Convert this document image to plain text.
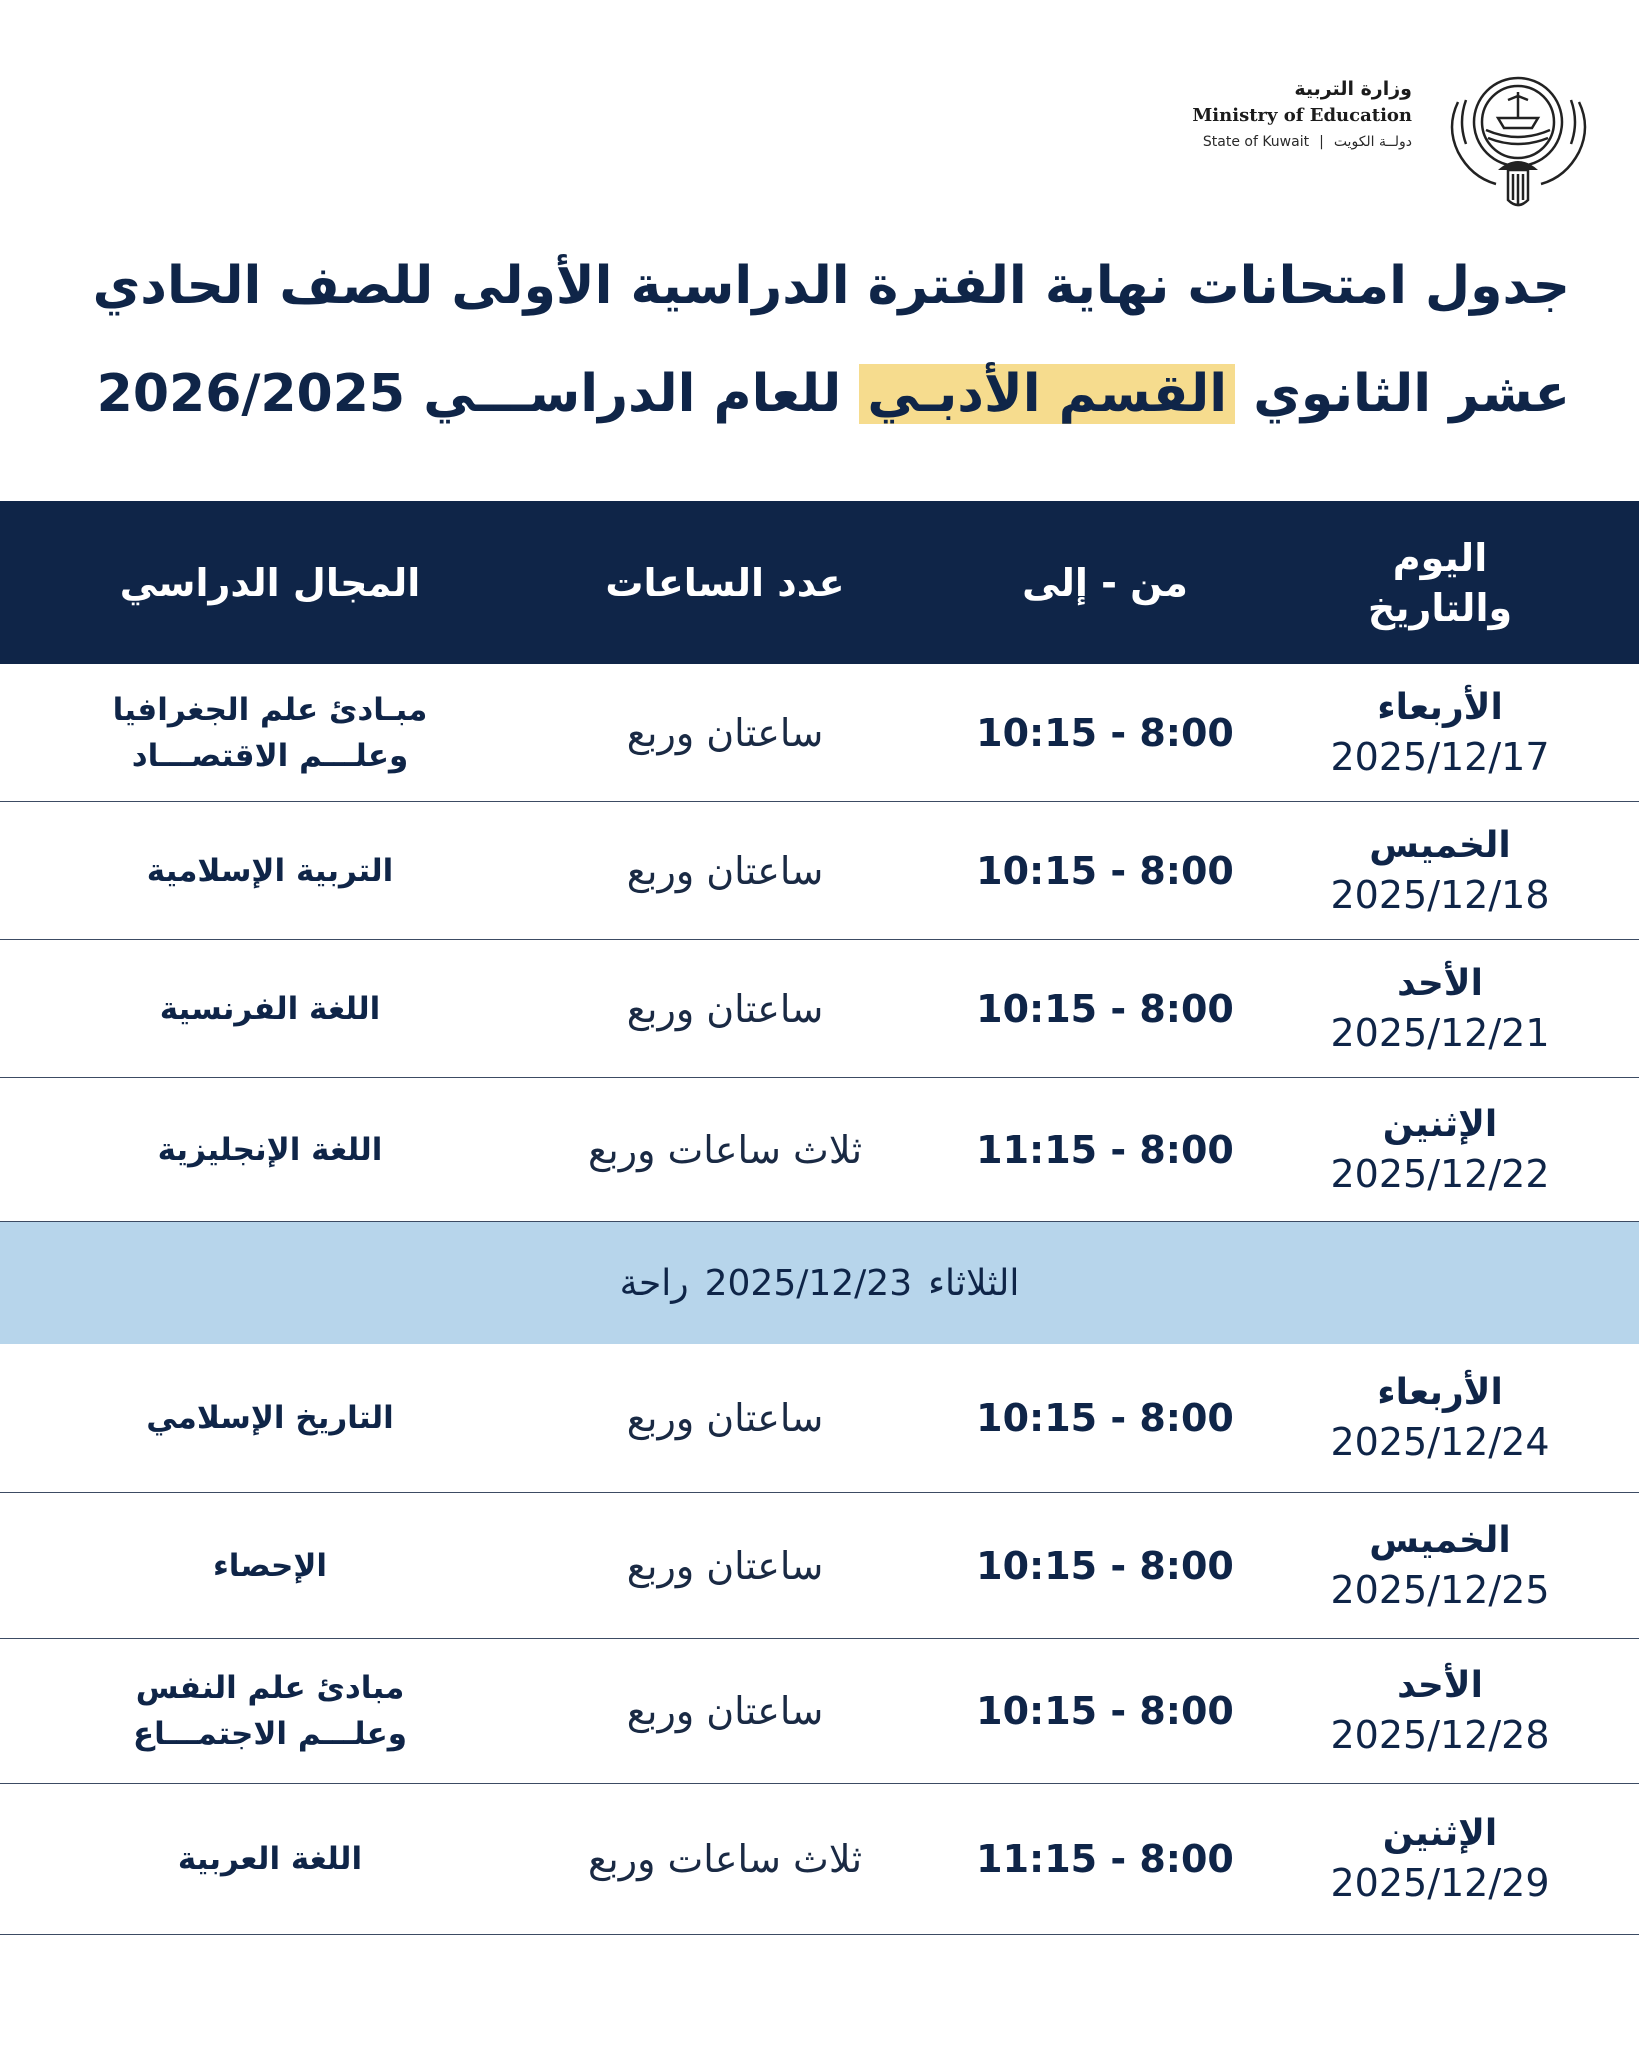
وزارة التربية
Ministry of Education
State of Kuwait | دولــة الكويت
جدول امتحانات نهاية الفترة الدراسية الأولى للصف الحادي
عشر الثانوي القسم الأدبـي للعام الدراســـي 2026/2025
اليوم والتاريخ
من - إلى
عدد الساعات
المجال الدراسي
الأربعاء
2025/12/17
10:15 - 8:00
ساعتان وربع
مبـادئ علم الجغرافيا
وعلـــم الاقتصـــاد
الخميس
2025/12/18
10:15 - 8:00
ساعتان وربع
التربية الإسلامية
الأحد
2025/12/21
10:15 - 8:00
ساعتان وربع
اللغة الفرنسية
الإثنين
2025/12/22
11:15 - 8:00
ثلاث ساعات وربع
اللغة الإنجليزية
الثلاثاء
2025/12/23
راحة
الأربعاء
2025/12/24
10:15 - 8:00
ساعتان وربع
التاريخ الإسلامي
الخميس
2025/12/25
10:15 - 8:00
ساعتان وربع
الإحصاء
الأحد
2025/12/28
10:15 - 8:00
ساعتان وربع
مبادئ علم النفس
وعلـــم الاجتمـــاع
الإثنين
2025/12/29
11:15 - 8:00
ثلاث ساعات وربع
اللغة العربية
